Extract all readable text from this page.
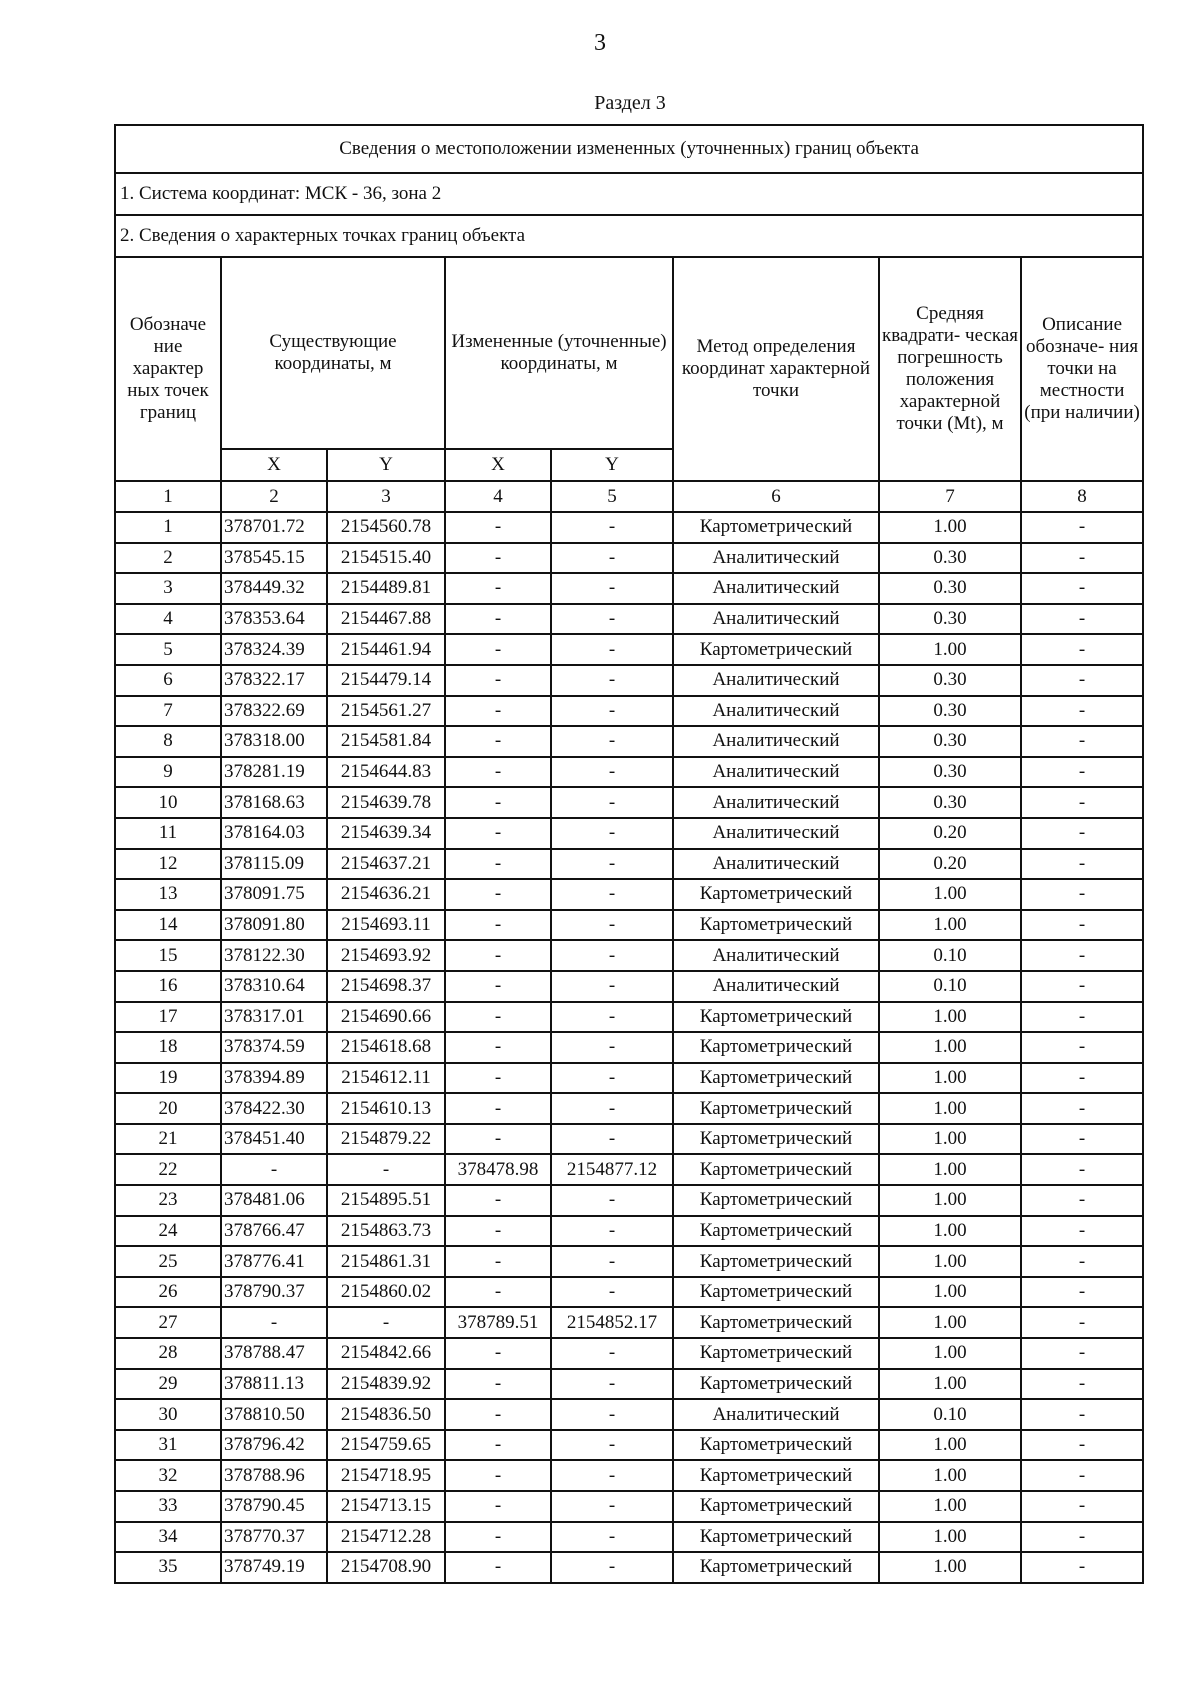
3
Раздел 3
Сведения о местоположении измененных (уточненных) границ объекта							
1. Система координат: МСК - 36, зона 2							
2. Сведения о характерных точках границ объекта							
Обозначе ние характер ных точек границ	Существующие координаты, м		Измененные (уточненные) координаты, м		Метод определения координат характерной точки	Средняя квадрати- ческая погрешность положения характерной точки (Mt), м	Описание обозначе- ния точки на местности (при наличии)
	X	Y	X	Y			
1	2	3	4	5	6	7	8
1	378701.72	2154560.78	-	-	Картометрический	1.00	-
2	378545.15	2154515.40	-	-	Аналитический	0.30	-
3	378449.32	2154489.81	-	-	Аналитический	0.30	-
4	378353.64	2154467.88	-	-	Аналитический	0.30	-
5	378324.39	2154461.94	-	-	Картометрический	1.00	-
6	378322.17	2154479.14	-	-	Аналитический	0.30	-
7	378322.69	2154561.27	-	-	Аналитический	0.30	-
8	378318.00	2154581.84	-	-	Аналитический	0.30	-
9	378281.19	2154644.83	-	-	Аналитический	0.30	-
10	378168.63	2154639.78	-	-	Аналитический	0.30	-
11	378164.03	2154639.34	-	-	Аналитический	0.20	-
12	378115.09	2154637.21	-	-	Аналитический	0.20	-
13	378091.75	2154636.21	-	-	Картометрический	1.00	-
14	378091.80	2154693.11	-	-	Картометрический	1.00	-
15	378122.30	2154693.92	-	-	Аналитический	0.10	-
16	378310.64	2154698.37	-	-	Аналитический	0.10	-
17	378317.01	2154690.66	-	-	Картометрический	1.00	-
18	378374.59	2154618.68	-	-	Картометрический	1.00	-
19	378394.89	2154612.11	-	-	Картометрический	1.00	-
20	378422.30	2154610.13	-	-	Картометрический	1.00	-
21	378451.40	2154879.22	-	-	Картометрический	1.00	-
22	-	-	378478.98	2154877.12	Картометрический	1.00	-
23	378481.06	2154895.51	-	-	Картометрический	1.00	-
24	378766.47	2154863.73	-	-	Картометрический	1.00	-
25	378776.41	2154861.31	-	-	Картометрический	1.00	-
26	378790.37	2154860.02	-	-	Картометрический	1.00	-
27	-	-	378789.51	2154852.17	Картометрический	1.00	-
28	378788.47	2154842.66	-	-	Картометрический	1.00	-
29	378811.13	2154839.92	-	-	Картометрический	1.00	-
30	378810.50	2154836.50	-	-	Аналитический	0.10	-
31	378796.42	2154759.65	-	-	Картометрический	1.00	-
32	378788.96	2154718.95	-	-	Картометрический	1.00	-
33	378790.45	2154713.15	-	-	Картометрический	1.00	-
34	378770.37	2154712.28	-	-	Картометрический	1.00	-
35	378749.19	2154708.90	-	-	Картометрический	1.00	-
